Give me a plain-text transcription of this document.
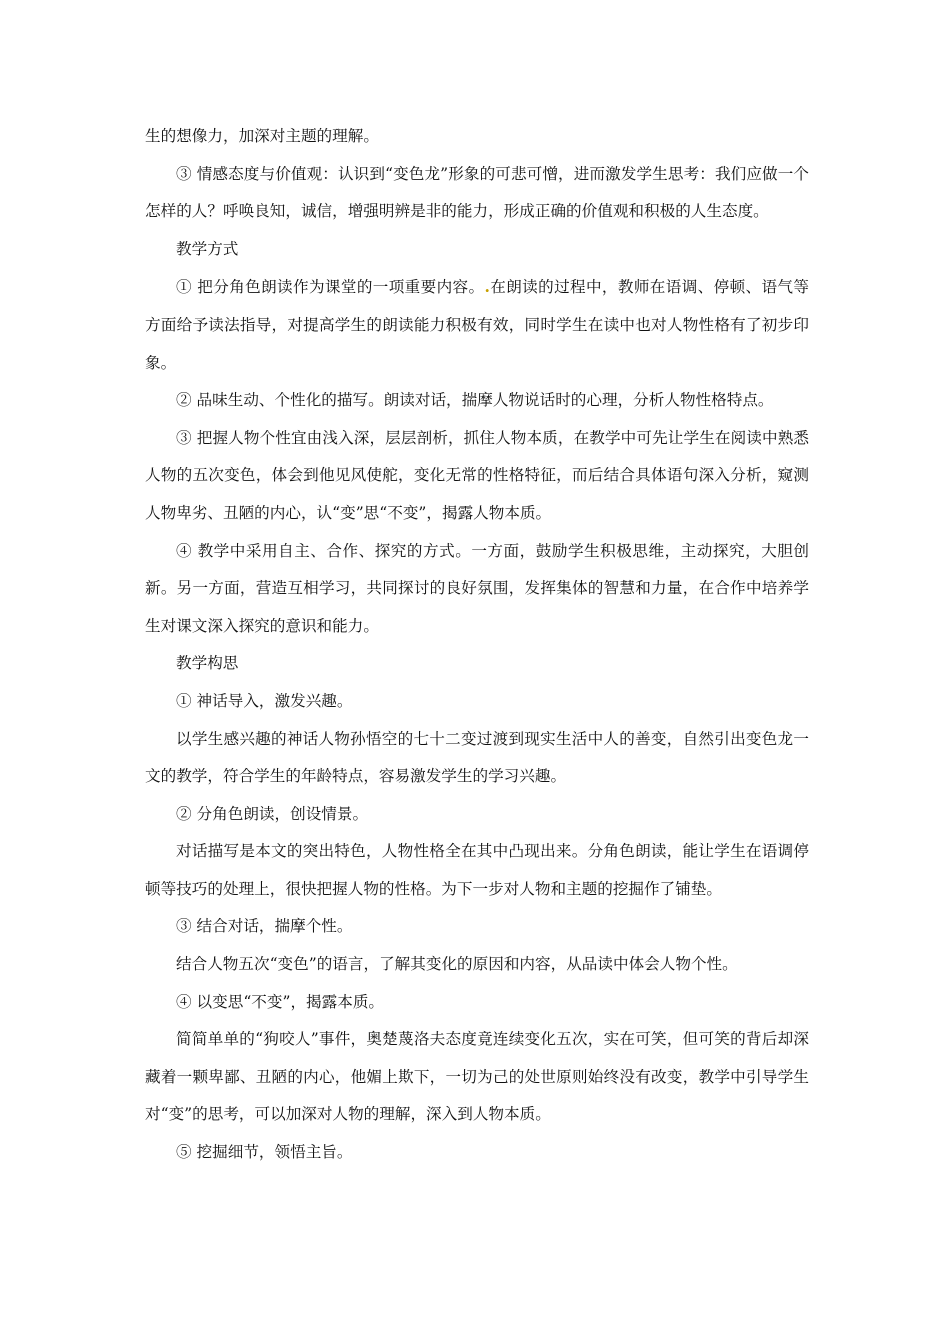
生的想像力，加深对主题的理解。

③ 情感态度与价值观：认识到“变色龙”形象的可悲可憎，进而激发学生思考：我们应做一个怎样的人？呼唤良知，诚信，增强明辨是非的能力，形成正确的价值观和积极的人生态度。

教学方式

① 把分角色朗读作为课堂的一项重要内容。.在朗读的过程中，教师在语调、停顿、语气等方面给予读法指导，对提高学生的朗读能力积极有效，同时学生在读中也对人物性格有了初步印象。

② 品味生动、个性化的描写。朗读对话，揣摩人物说话时的心理，分析人物性格特点。

③ 把握人物个性宜由浅入深，层层剖析，抓住人物本质，在教学中可先让学生在阅读中熟悉人物的五次变色，体会到他见风使舵，变化无常的性格特征，而后结合具体语句深入分析，窥测人物卑劣、丑陋的内心，认“变”思“不变”，揭露人物本质。

④ 教学中采用自主、合作、探究的方式。一方面，鼓励学生积极思维，主动探究，大胆创新。另一方面，营造互相学习，共同探讨的良好氛围，发挥集体的智慧和力量，在合作中培养学生对课文深入探究的意识和能力。

教学构思

① 神话导入，激发兴趣。

以学生感兴趣的神话人物孙悟空的七十二变过渡到现实生活中人的善变，自然引出变色龙一文的教学，符合学生的年龄特点，容易激发学生的学习兴趣。

② 分角色朗读，创设情景。

对话描写是本文的突出特色，人物性格全在其中凸现出来。分角色朗读，能让学生在语调停顿等技巧的处理上，很快把握人物的性格。为下一步对人物和主题的挖掘作了铺垫。

③ 结合对话，揣摩个性。

结合人物五次“变色”的语言，了解其变化的原因和内容，从品读中体会人物个性。

④ 以变思“不变”，揭露本质。

简简单单的“狗咬人”事件，奥楚蔑洛夫态度竟连续变化五次，实在可笑，但可笑的背后却深藏着一颗卑鄙、丑陋的内心，他媚上欺下，一切为己的处世原则始终没有改变，教学中引导学生对“变”的思考，可以加深对人物的理解，深入到人物本质。

⑤ 挖掘细节，领悟主旨。
